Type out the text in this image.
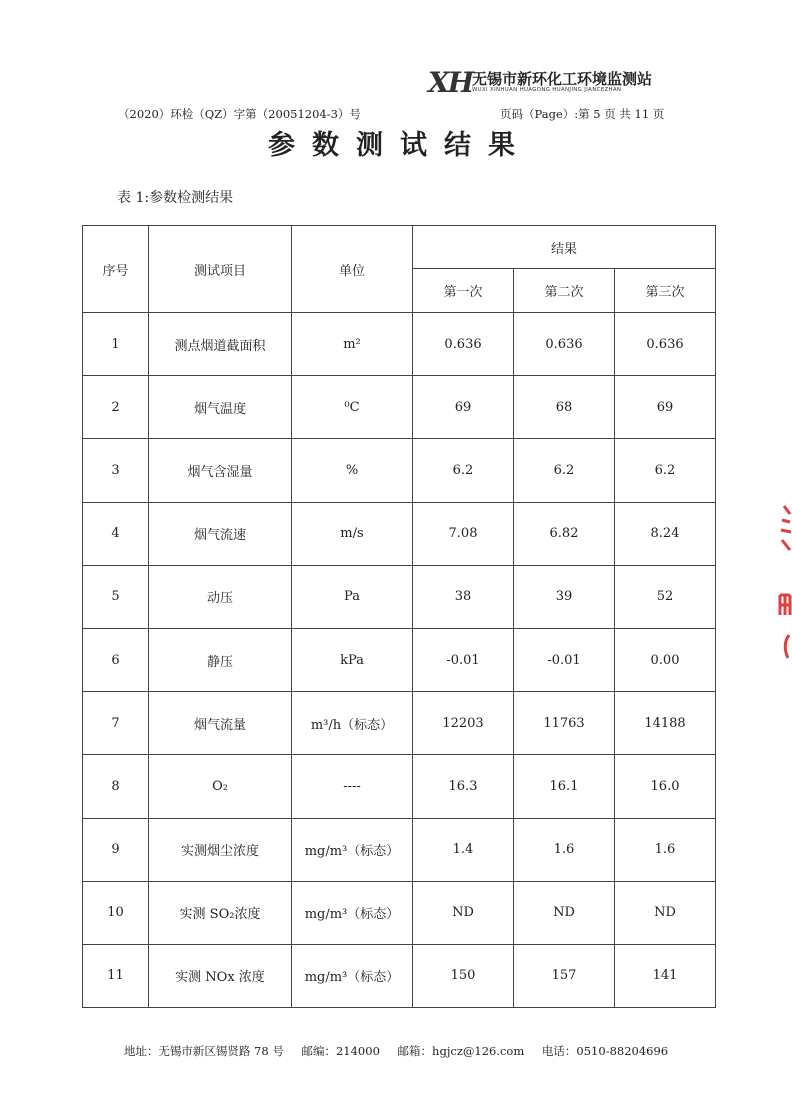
XH 无锡市新环化工环境监测站
WUXI XINHUAN HUAGONG HUANJING JIANCEZHAN
（2020）环检（QZ）字第（20051204-3）号	页码（Page）:第 5 页 共 11 页
参数测试结果
表 1:参数检测结果
序号	测试项目	单位	结果		
			第一次	第二次	第三次
1	测点烟道截面积	m²	0.636	0.636	0.636
2	烟气温度	⁰C	69	68	69
3	烟气含湿量	%	6.2	6.2	6.2
4	烟气流速	m/s	7.08	6.82	8.24
5	动压	Pa	38	39	52
6	静压	kPa	-0.01	-0.01	0.00
7	烟气流量	m³/h（标态）	12203	11763	14188
8	O₂	----	16.3	16.1	16.0
9	实测烟尘浓度	mg/m³（标态）	1.4	1.6	1.6
10	实测 SO₂浓度	mg/m³（标态）	ND	ND	ND
11	实测 NOx 浓度	mg/m³（标态）	150	157	141
地址：无锡市新区锡贤路 78 号 邮编：214000 邮箱：hgjcz@126.com 电话：0510-88204696
